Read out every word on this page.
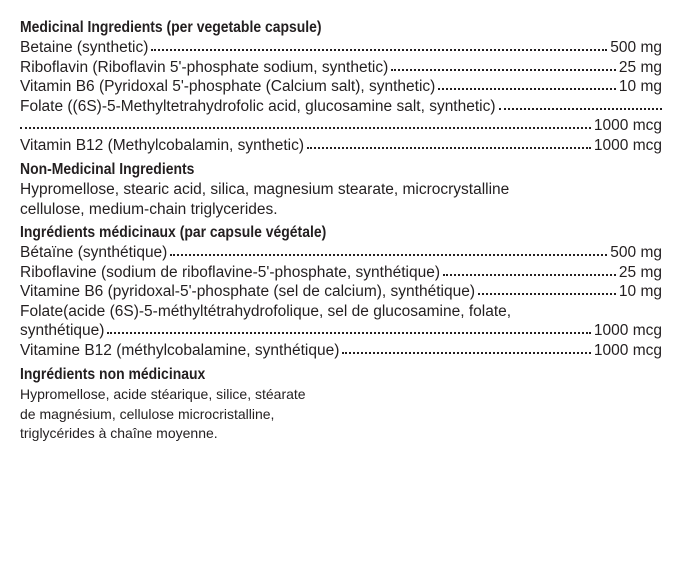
Medicinal Ingredients (per vegetable capsule)
Betaine (synthetic)	500 mg
Riboflavin (Riboflavin 5'-phosphate sodium, synthetic)	25 mg
Vitamin B6 (Pyridoxal 5'-phosphate (Calcium salt), synthetic)	10 mg
Folate ((6S)-5-Methyltetrahydrofolic acid, glucosamine salt, synthetic)
1000 mcg
Vitamin B12 (Methylcobalamin, synthetic)	1000 mcg
Non-Medicinal Ingredients
Hypromellose, stearic acid, silica, magnesium stearate, microcrystalline
cellulose, medium-chain triglycerides.
Ingrédients médicinaux (par capsule végétale)
Bétaïne (synthétique)	500 mg
Riboflavine (sodium de riboflavine-5'-phosphate, synthétique)	25 mg
Vitamine B6 (pyridoxal-5'-phosphate (sel de calcium), synthétique)	10 mg
Folate(acide (6S)-5-méthyltétrahydrofolique, sel de glucosamine, folate,
synthétique)	1000 mcg
Vitamine B12 (méthylcobalamine, synthétique)	1000 mcg
Ingrédients non médicinaux
Hypromellose, acide stéarique, silice, stéarate
de magnésium, cellulose microcristalline,
triglycérides à chaîne moyenne.
